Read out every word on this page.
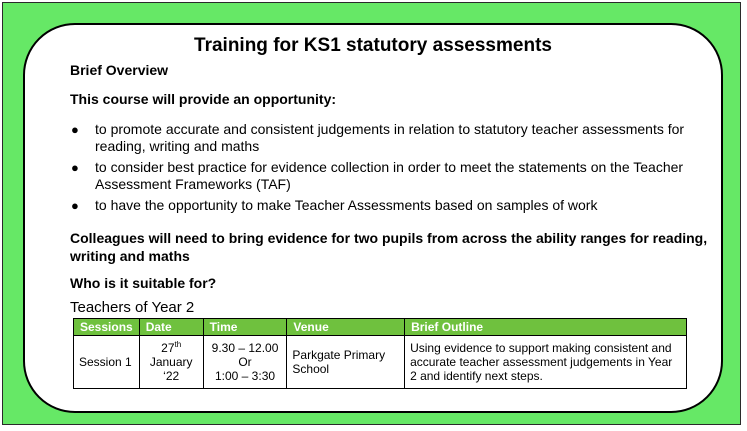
Training for KS1 statutory assessments
Brief Overview
This course will provide an opportunity:
● to promote accurate and consistent judgements in relation to statutory teacher assessments for reading, writing and maths
● to consider best practice for evidence collection in order to meet the statements on the Teacher Assessment Frameworks (TAF)
● to have the opportunity to make Teacher Assessments based on samples of work
Colleagues will need to bring evidence for two pupils from across the ability ranges for reading, writing and maths
Who is it suitable for?
Teachers of Year 2
Sessions	Date	Time	Venue	Brief Outline
Session 1	27th
January
‘22	9.30 – 12.00
Or
1:00 – 3:30	Parkgate Primary School	Using evidence to support making consistent and accurate teacher assessment judgements in Year 2 and identify next steps.
